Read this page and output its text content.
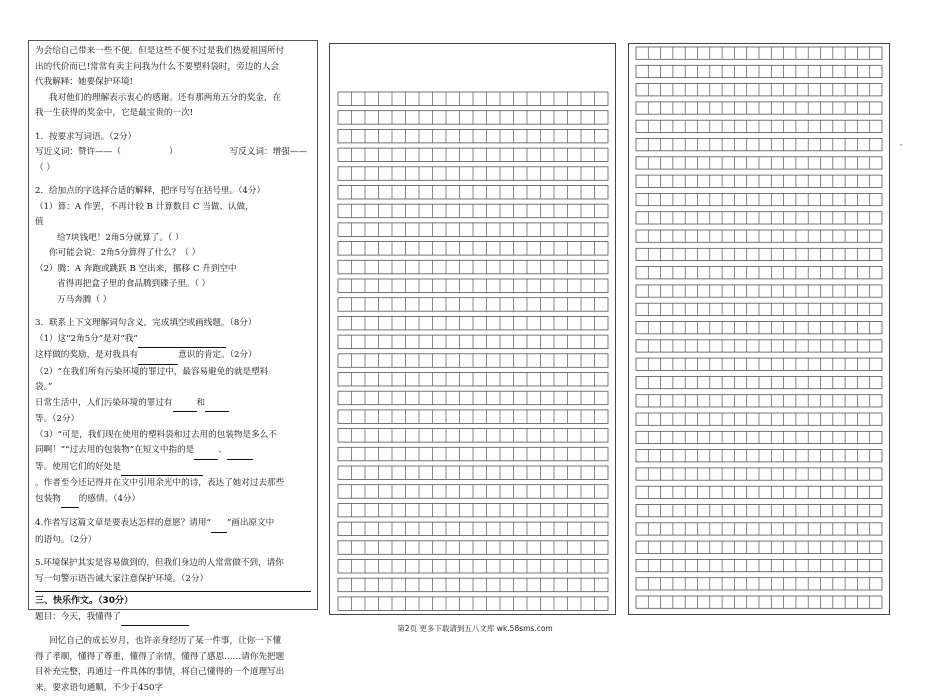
为会给自己带来一些不便。但是这些不便不过是我们热爱祖国所付

出的代价而已!常常有卖主问我为什么不要塑料袋时，旁边的人会

代我解释：她要保护环境!

我对他们的理解表示衷心的感谢。还有那两角五分的奖金，在

我一生获得的奖金中，它是最宝贵的一次!

1．按要求写词语。（2分）

写近义词：赞许——（	）	写反义词：增强——

（ ）

2．给加点的字选择合适的解释，把序号写在括号里。（4分）

（1）算：A 作罢，不再计较 B 计算数目 C 当做、认做，

值

给7块钱吧！2角5分就算了。（ ）

你可能会说：2角5分算得了什么？（ ）

（2）腾：A 奔跑或跳跃 B 空出来，挪移 C 升到空中

省得再把盒子里的食品腾到碟子里。（ ）

万马奔腾（ ）

3．联系上下文理解词句含义，完成填空或画线题。（8分）

（1）这“2角5分”是对“我”

这样做的奖励，是对我具有	意识的肯定。（2分）

（2）“在我们所有污染环境的罪过中，最容易避免的就是塑料

袋。”

日常生活中，人们污染环境的罪过有	和

等。（2分）

（3）“可是，我们现在使用的塑料袋和过去用的包装物是多么不

同啊！”“过去用的包装物”在短文中指的是	、

等。使用它们的好处是

。作者至今还记得并在文中引用余光中的诗，表达了她对过去那些

包装物 的感情。（4分）

4.作者写这篇文章是要表达怎样的意愿？请用“ ”画出原文中

的语句。（2分）

5.环境保护其实是容易做到的，但我们身边的人常常做不到，请你

写一句警示语告诫大家注意保护环境。（2分）

三、快乐作文。（30分）

题目：今天，我懂得了

回忆自己的成长岁月，也许亲身经历了某一件事，让你一下懂

得了孝顺，懂得了尊重，懂得了亲情，懂得了感恩……请你先把题

目补充完整，再通过一件具体的事情，将自己懂得的一个道理写出

来。要求语句通顺，不少于450字

"
第2页 更多下载请到五八文库 wk.58sms.com
